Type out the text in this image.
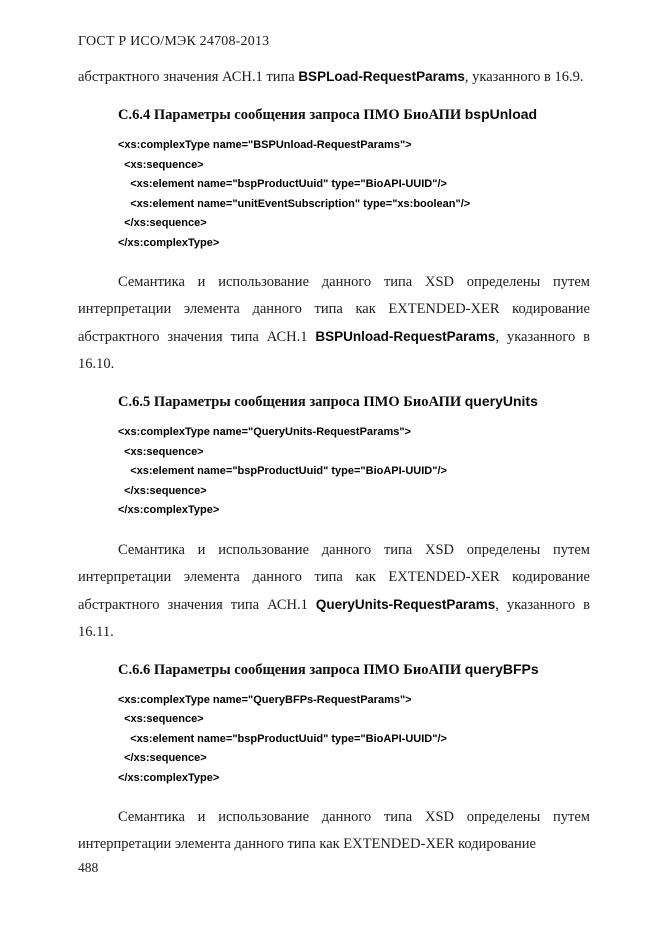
ГОСТ Р ИСО/МЭК 24708-2013

абстрактного значения АСН.1 типа BSPLoad-RequestParams, указанного в 16.9.

С.6.4 Параметры сообщения запроса ПМО БиоАПИ bspUnload
<xs:complexType name="BSPUnload-RequestParams">
<xs:sequence>
<xs:element name="bspProductUuid" type="BioAPI-UUID"/>
<xs:element name="unitEventSubscription" type="xs:boolean"/>
</xs:sequence>
</xs:complexType>

Семантика и использование данного типа XSD определены путем интерпретации элемента данного типа как EXTENDED-XER кодирование абстрактного значения типа АСН.1 BSPUnload-RequestParams, указанного в 16.10.

С.6.5 Параметры сообщения запроса ПМО БиоАПИ queryUnits
<xs:complexType name="QueryUnits-RequestParams">
<xs:sequence>
<xs:element name="bspProductUuid" type="BioAPI-UUID"/>
</xs:sequence>
</xs:complexType>

Семантика и использование данного типа XSD определены путем интерпретации элемента данного типа как EXTENDED-XER кодирование абстрактного значения типа АСН.1 QueryUnits-RequestParams, указанного в 16.11.

С.6.6 Параметры сообщения запроса ПМО БиоАПИ queryBFPs
<xs:complexType name="QueryBFPs-RequestParams">
<xs:sequence>
<xs:element name="bspProductUuid" type="BioAPI-UUID"/>
</xs:sequence>
</xs:complexType>

Семантика и использование данного типа XSD определены путем интерпретации элемента данного типа как EXTENDED-XER кодирование

488
